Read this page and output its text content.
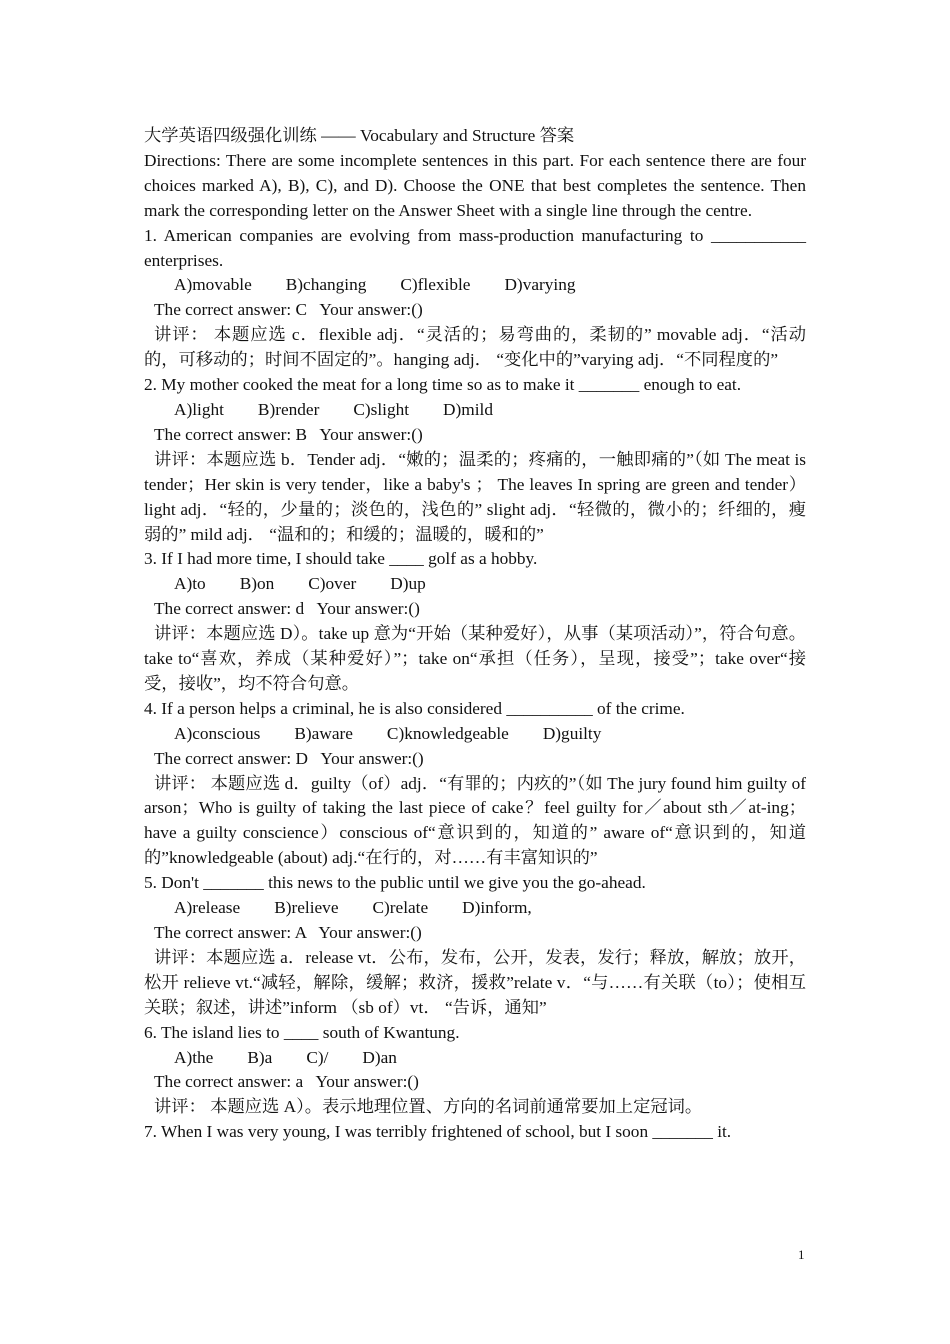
大学英语四级强化训练 —— Vocabulary and Structure 答案

Directions: There are some incomplete sentences in this part. For each sentence there are four choices marked A), B), C), and D). Choose the ONE that best completes the sentence. Then mark the corresponding letter on the Answer Sheet with a single line through the centre.

1. American companies are evolving from mass-production manufacturing to ___________ enterprises.

A)movable B)changing C)flexible D)varying

The correct answer: C   Your answer:()

讲评： 本题应选 c．flexible adj．“灵活的；易弯曲的，柔韧的” movable adj．“活动的，可移动的；时间不固定的”。hanging adj． “变化中的”varying adj．“不同程度的”

2. My mother cooked the meat for a long time so as to make it _______ enough to eat.

A)light B)render C)slight D)mild

The correct answer: B   Your answer:()

讲评：本题应选 b．Tender adj．“嫩的；温柔的；疼痛的，一触即痛的”（如 The meat is tender；Her skin is very tender，like a baby's ； The leaves In spring are green and tender）light adj．“轻的，少量的；淡色的，浅色的” slight adj．“轻微的，微小的；纤细的，瘦弱的” mild adj． “温和的；和缓的；温暖的，暖和的”

3. If I had more time, I should take ____ golf as a hobby.

A)to B)on C)over D)up

The correct answer: d   Your answer:()

讲评：本题应选 D）。take up 意为“开始（某种爱好），从事（某项活动）”，符合句意。take to“喜欢，养成（某种爱好）”；take on“承担（任务），呈现，接受”；take over“接受，接收”，均不符合句意。

4. If a person helps a criminal, he is also considered __________ of the crime.

A)conscious B)aware C)knowledgeable D)guilty

The correct answer: D   Your answer:()

讲评： 本题应选 d．guilty（of）adj．“有罪的；内疚的”（如 The jury found him guilty of arson；Who is guilty of taking the last piece of cake？feel guilty for／about sth／at-ing；have a guilty conscience）conscious of“意识到的，知道的” aware of“意识到的，知道的”knowledgeable (about) adj.“在行的，对……有丰富知识的”

5. Don't _______ this news to the public until we give you the go-ahead.

A)release B)relieve C)relate D)inform,

The correct answer: A   Your answer:()

讲评：本题应选 a．release vt．公布，发布，公开，发表，发行；释放，解放；放开，松开 relieve vt.“减轻，解除，缓解；救济，援救”relate v．“与……有关联（to）；使相互关联；叙述，讲述”inform （sb of）vt． “告诉，通知”

6. The island lies to ____ south of Kwantung.

A)the B)a C)/ D)an

The correct answer: a   Your answer:()

讲评： 本题应选 A）。表示地理位置、方向的名词前通常要加上定冠词。

7. When I was very young, I was terribly frightened of school, but I soon _______ it.

1
